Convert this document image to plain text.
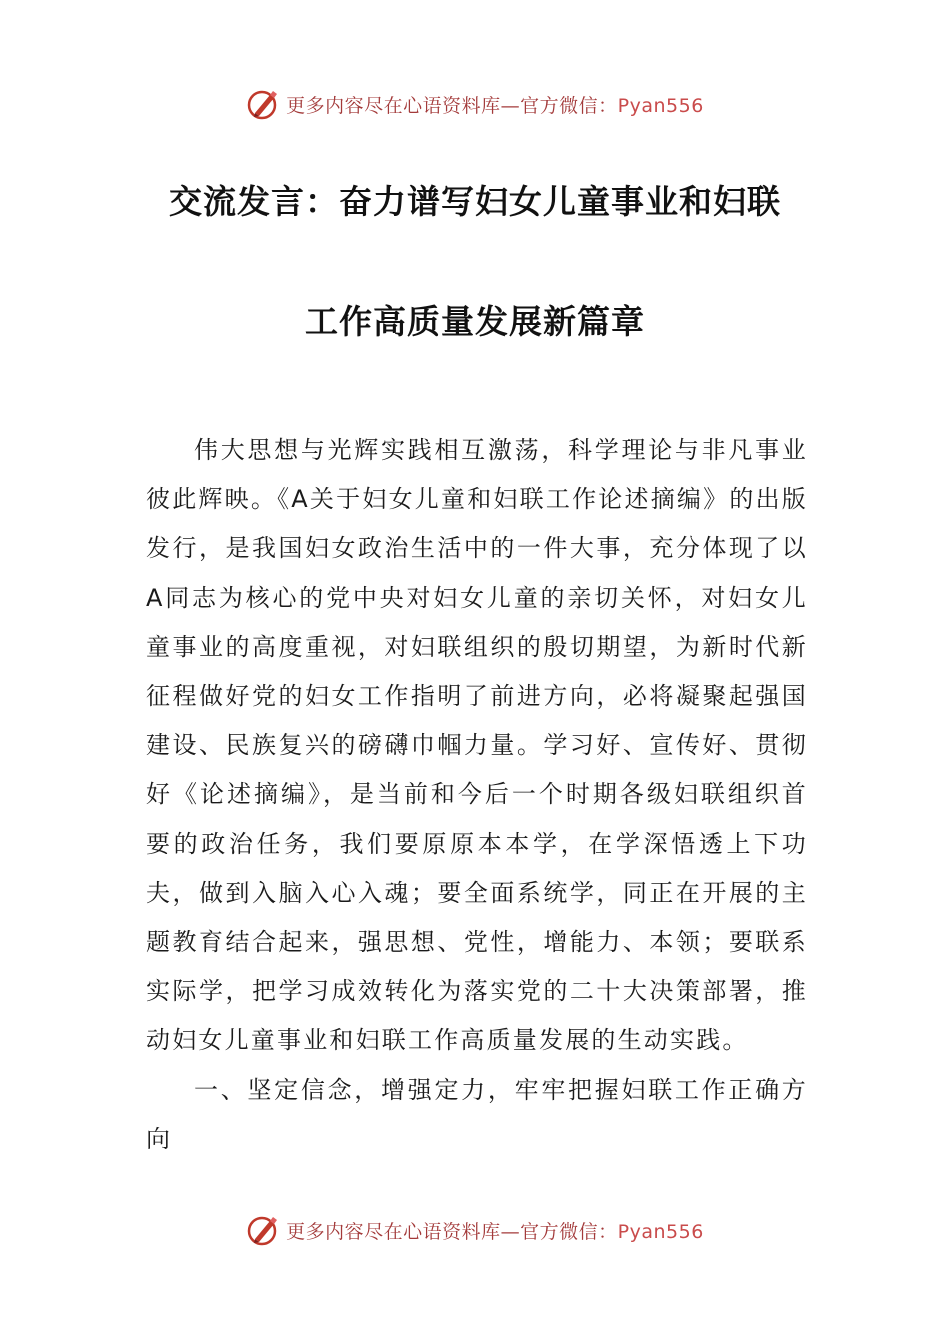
更多内容尽在心语资料库—官方微信：Pyan556
交流发言：奋力谱写妇女儿童事业和妇联
工作高质量发展新篇章

伟大思想与光辉实践相互激荡，科学理论与非凡事业彼此辉映。《A关于妇女儿童和妇联工作论述摘编》的出版发行，是我国妇女政治生活中的一件大事，充分体现了以A同志为核心的党中央对妇女儿童的亲切关怀，对妇女儿童事业的高度重视，对妇联组织的殷切期望，为新时代新征程做好党的妇女工作指明了前进方向，必将凝聚起强国建设、民族复兴的磅礴巾帼力量。学习好、宣传好、贯彻好《论述摘编》，是当前和今后一个时期各级妇联组织首要的政治任务，我们要原原本本学，在学深悟透上下功夫，做到入脑入心入魂；要全面系统学，同正在开展的主题教育结合起来，强思想、党性，增能力、本领；要联系实际学，把学习成效转化为落实党的二十大决策部署，推动妇女儿童事业和妇联工作高质量发展的生动实践。

一、坚定信念，增强定力，牢牢把握妇联工作正确方向

更多内容尽在心语资料库—官方微信：Pyan556
